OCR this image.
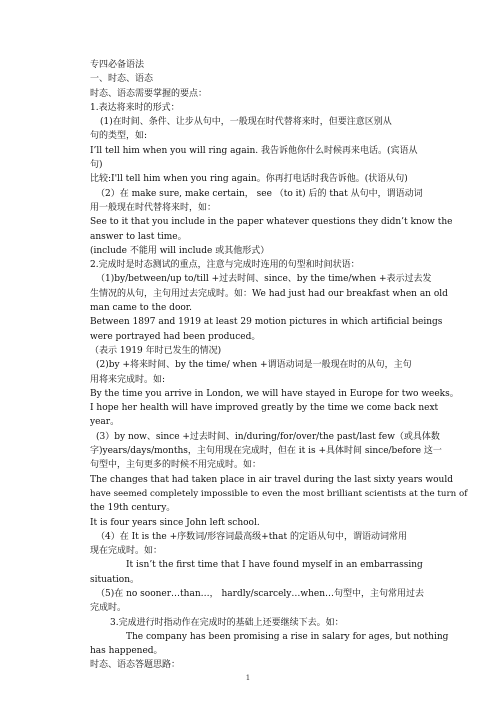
专四必备语法
一、时态、语态
时态、语态需要掌握的要点：
1.表达将来时的形式：
(1)在时间、条件、让步从句中，一般现在时代替将来时，但要注意区别从
句的类型，如:
I’ll tell him when you will ring again. 我告诉他你什么时候再来电话。(宾语从
句)
比较:I'll tell him when you ring again。你再打电话时我告诉他。(状语从句)
（2）在 make sure, make certain， see （to it) 后的 that 从句中，谓语动词
用一般现在时代替将来时，如：
See to it that you include in the paper whatever questions they didn’t know the
answer to last time。
(include 不能用 will include 或其他形式）
2.完成时是时态测试的重点，注意与完成时连用的句型和时间状语：
（1)by/between/up to/till +过去时间、since、by the time/when +表示过去发
生情况的从句，主句用过去完成时。如：We had just had our breakfast when an old
man came to the door.
Between 1897 and 1919 at least 29 motion pictures in which artificial beings
were portrayed had been produced。
（表示 1919 年时已发生的情况)
(2)by +将来时间、by the time/ when +谓语动词是一般现在时的从句，主句
用将来完成时。如:
By the time you arrive in London, we will have stayed in Europe for two weeks。
I hope her health will have improved greatly by the time we come back next
year。
(3）by now、since +过去时间、in/during/for/over/the past/last few（或具体数
字)years/days/months，主句用现在完成时，但在 it is +具体时间 since/before 这一
句型中，主句更多的时候不用完成时。如：
The changes that had taken place in air travel during the last sixty years would
have seemed completely impossible to even the most brilliant scientists at the turn of
the 19th century。
It is four years since John left school.
（4）在 It is the +序数词/形容词最高级+that 的定语从句中，谓语动词常用
现在完成时。如：
It isn’t the first time that I have found myself in an embarrassing
situation。
（5)在 no sooner…than…， hardly/scarcely…when…句型中，主句常用过去
完成时。
3.完成进行时指动作在完成时的基础上还要继续下去。如：
The company has been promising a rise in salary for ages, but nothing
has happened。
时态、语态答题思路：
1
